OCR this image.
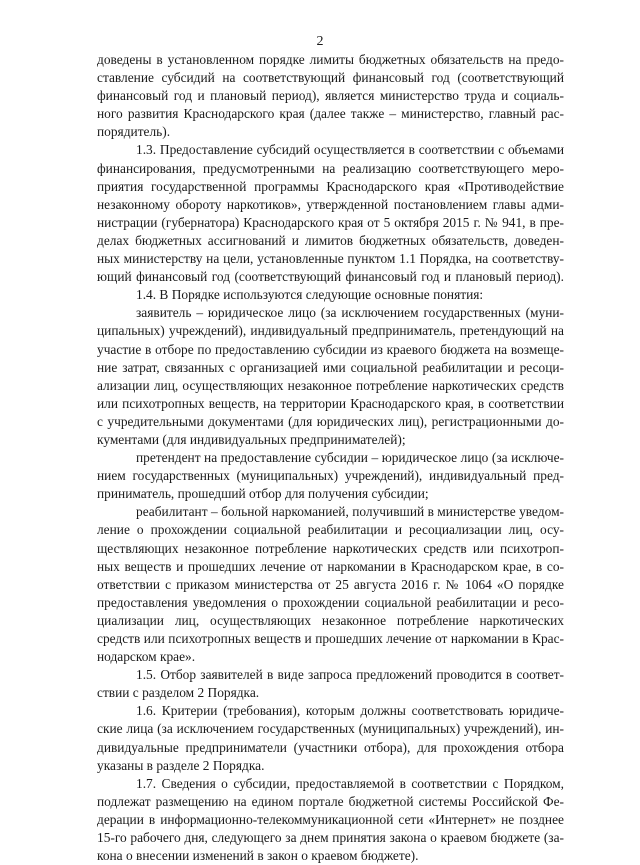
2
доведены в установленном порядке лимиты бюджетных обязательств на предо-
ставление субсидий на соответствующий финансовый год (соответствующий
финансовый год и плановый период), является министерство труда и социаль-
ного развития Краснодарского края (далее также – министерство, главный рас-
порядитель).
1.3. Предоставление субсидий осуществляется в соответствии с объемами
финансирования, предусмотренными на реализацию соответствующего меро-
приятия государственной программы Краснодарского края «Противодействие
незаконному обороту наркотиков», утвержденной постановлением главы адми-
нистрации (губернатора) Краснодарского края от 5 октября 2015 г. № 941, в пре-
делах бюджетных ассигнований и лимитов бюджетных обязательств, доведен-
ных министерству на цели, установленные пунктом 1.1 Порядка, на соответству-
ющий финансовый год (соответствующий финансовый год и плановый период).
1.4. В Порядке используются следующие основные понятия:
заявитель – юридическое лицо (за исключением государственных (муни-
ципальных) учреждений), индивидуальный предприниматель, претендующий на
участие в отборе по предоставлению субсидии из краевого бюджета на возмеще-
ние затрат, связанных с организацией ими социальной реабилитации и ресоци-
ализации лиц, осуществляющих незаконное потребление наркотических средств
или психотропных веществ, на территории Краснодарского края, в соответствии
с учредительными документами (для юридических лиц), регистрационными до-
кументами (для индивидуальных предпринимателей);
претендент на предоставление субсидии – юридическое лицо (за исключе-
нием государственных (муниципальных) учреждений), индивидуальный пред-
приниматель, прошедший отбор для получения субсидии;
реабилитант – больной наркоманией, получивший в министерстве уведом-
ление о прохождении социальной реабилитации и ресоциализации лиц, осу-
ществляющих незаконное потребление наркотических средств или психотроп-
ных веществ и прошедших лечение от наркомании в Краснодарском крае, в со-
ответствии с приказом министерства от 25 августа 2016 г. № 1064 «О порядке
предоставления уведомления о прохождении социальной реабилитации и ресо-
циализации лиц, осуществляющих незаконное потребление наркотических
средств или психотропных веществ и прошедших лечение от наркомании в Крас-
нодарском крае».
1.5. Отбор заявителей в виде запроса предложений проводится в соответ-
ствии с разделом 2 Порядка.
1.6. Критерии (требования), которым должны соответствовать юридиче-
ские лица (за исключением государственных (муниципальных) учреждений), ин-
дивидуальные предприниматели (участники отбора), для прохождения отбора
указаны в разделе 2 Порядка.
1.7. Сведения о субсидии, предоставляемой в соответствии с Порядком,
подлежат размещению на едином портале бюджетной системы Российской Фе-
дерации в информационно-телекоммуникационной сети «Интернет» не позднее
15-го рабочего дня, следующего за днем принятия закона о краевом бюджете (за-
кона о внесении изменений в закон о краевом бюджете).
